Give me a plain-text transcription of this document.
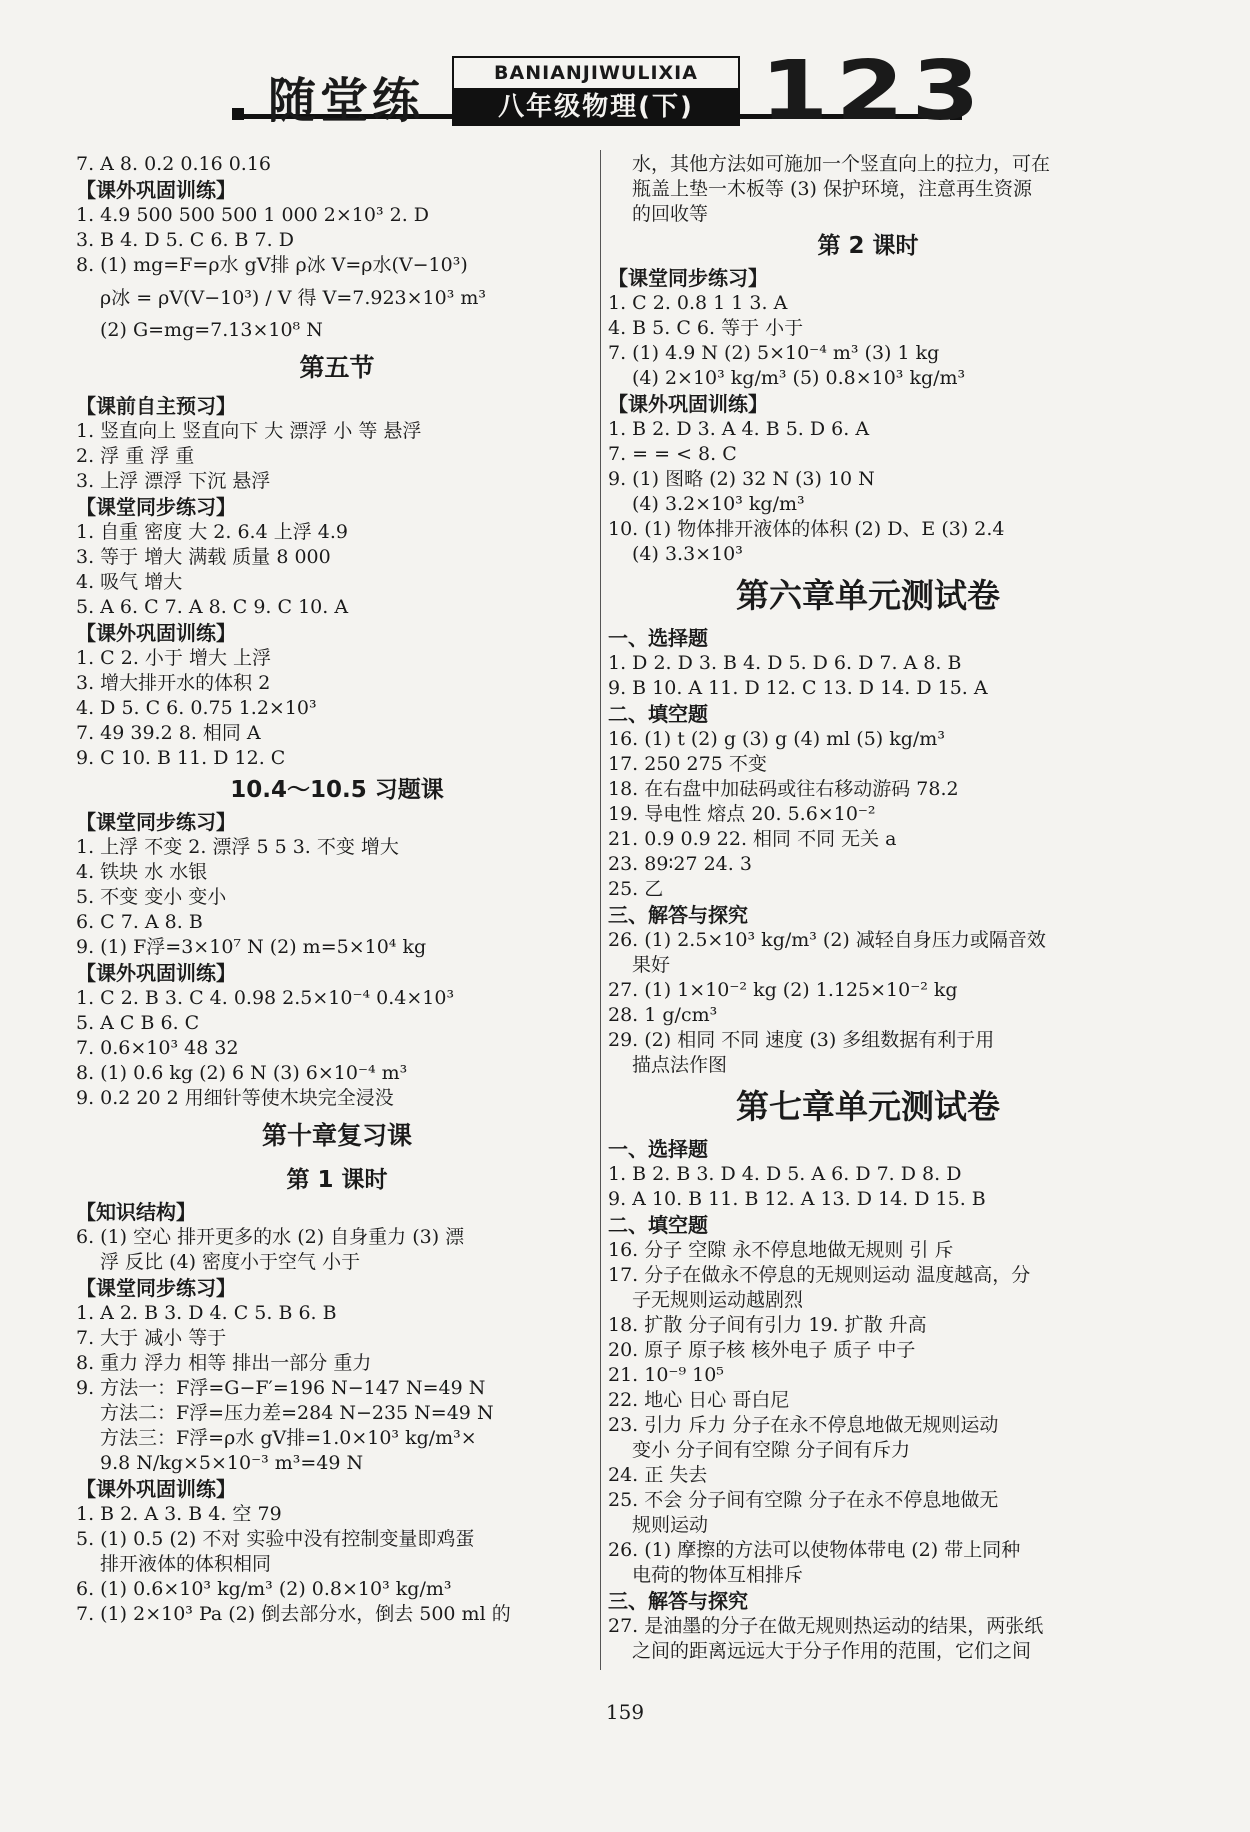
随堂练	BANIANJIWULIXIA
八年级物理(下) 123
7. A 8. 0.2 0.16 0.16
【课外巩固训练】
1. 4.9 500 500 500 1 000 2×10³ 2. D
3. B 4. D 5. C 6. B 7. D
8. (1) mg=F=ρ水 gV排 ρ冰 V=ρ水(V−10³)
ρ冰 = ρV(V−10³) / V 得 V=7.923×10³ m³
(2) G=mg=7.13×10⁸ N
第五节
【课前自主预习】
1. 竖直向上 竖直向下 大 漂浮 小 等 悬浮
2. 浮 重 浮 重
3. 上浮 漂浮 下沉 悬浮
【课堂同步练习】
1. 自重 密度 大 2. 6.4 上浮 4.9
3. 等于 增大 满载 质量 8 000
4. 吸气 增大
5. A 6. C 7. A 8. C 9. C 10. A
【课外巩固训练】
1. C 2. 小于 增大 上浮
3. 增大排开水的体积 2
4. D 5. C 6. 0.75 1.2×10³
7. 49 39.2 8. 相同 A
9. C 10. B 11. D 12. C
10.4～10.5 习题课
【课堂同步练习】
1. 上浮 不变 2. 漂浮 5 5 3. 不变 增大
4. 铁块 水 水银
5. 不变 变小 变小
6. C 7. A 8. B
9. (1) F浮=3×10⁷ N (2) m=5×10⁴ kg
【课外巩固训练】
1. C 2. B 3. C 4. 0.98 2.5×10⁻⁴ 0.4×10³
5. A C B 6. C
7. 0.6×10³ 48 32
8. (1) 0.6 kg (2) 6 N (3) 6×10⁻⁴ m³
9. 0.2 20 2 用细针等使木块完全浸没
第十章复习课
第 1 课时
【知识结构】
6. (1) 空心 排开更多的水 (2) 自身重力 (3) 漂
浮 反比 (4) 密度小于空气 小于
【课堂同步练习】
1. A 2. B 3. D 4. C 5. B 6. B
7. 大于 减小 等于
8. 重力 浮力 相等 排出一部分 重力
9. 方法一：F浮=G−F′=196 N−147 N=49 N
方法二：F浮=压力差=284 N−235 N=49 N
方法三：F浮=ρ水 gV排=1.0×10³ kg/m³×
9.8 N/kg×5×10⁻³ m³=49 N
【课外巩固训练】
1. B 2. A 3. B 4. 空 79
5. (1) 0.5 (2) 不对 实验中没有控制变量即鸡蛋
排开液体的体积相同
6. (1) 0.6×10³ kg/m³ (2) 0.8×10³ kg/m³
7. (1) 2×10³ Pa (2) 倒去部分水，倒去 500 ml 的
水，其他方法如可施加一个竖直向上的拉力，可在
瓶盖上垫一木板等 (3) 保护环境，注意再生资源
的回收等
第 2 课时
【课堂同步练习】
1. C 2. 0.8 1 1 3. A
4. B 5. C 6. 等于 小于
7. (1) 4.9 N (2) 5×10⁻⁴ m³ (3) 1 kg
(4) 2×10³ kg/m³ (5) 0.8×10³ kg/m³
【课外巩固训练】
1. B 2. D 3. A 4. B 5. D 6. A
7. = = < 8. C
9. (1) 图略 (2) 32 N (3) 10 N
(4) 3.2×10³ kg/m³
10. (1) 物体排开液体的体积 (2) D、E (3) 2.4
(4) 3.3×10³
第六章单元测试卷
一、选择题
1. D 2. D 3. B 4. D 5. D 6. D 7. A 8. B
9. B 10. A 11. D 12. C 13. D 14. D 15. A
二、填空题
16. (1) t (2) g (3) g (4) ml (5) kg/m³
17. 250 275 不变
18. 在右盘中加砝码或往右移动游码 78.2
19. 导电性 熔点 20. 5.6×10⁻²
21. 0.9 0.9 22. 相同 不同 无关 a
23. 89∶27 24. 3
25. 乙
三、解答与探究
26. (1) 2.5×10³ kg/m³ (2) 减轻自身压力或隔音效
果好
27. (1) 1×10⁻² kg (2) 1.125×10⁻² kg
28. 1 g/cm³
29. (2) 相同 不同 速度 (3) 多组数据有利于用
描点法作图
第七章单元测试卷
一、选择题
1. B 2. B 3. D 4. D 5. A 6. D 7. D 8. D
9. A 10. B 11. B 12. A 13. D 14. D 15. B
二、填空题
16. 分子 空隙 永不停息地做无规则 引 斥
17. 分子在做永不停息的无规则运动 温度越高，分
子无规则运动越剧烈
18. 扩散 分子间有引力 19. 扩散 升高
20. 原子 原子核 核外电子 质子 中子
21. 10⁻⁹ 10⁵
22. 地心 日心 哥白尼
23. 引力 斥力 分子在永不停息地做无规则运动
变小 分子间有空隙 分子间有斥力
24. 正 失去
25. 不会 分子间有空隙 分子在永不停息地做无
规则运动
26. (1) 摩擦的方法可以使物体带电 (2) 带上同种
电荷的物体互相排斥
三、解答与探究
27. 是油墨的分子在做无规则热运动的结果，两张纸
之间的距离远远大于分子作用的范围，它们之间
159
